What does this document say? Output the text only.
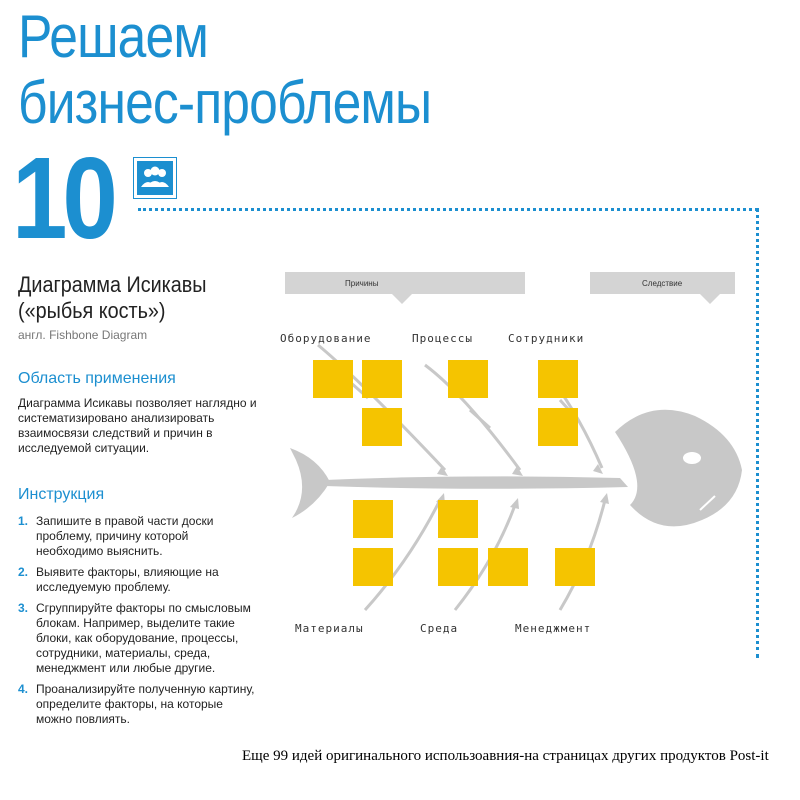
Решаем
бизнес-проблемы
10
Диаграмма Исикавы
(«рыбья кость»)
англ. Fishbone Diagram
Область применения
Диаграмма Исикавы позволяет наглядно и систематизировано анализировать взаимосвязи следствий и причин в исследуемой ситуации.
Инструкция
1. Запишите в правой части доски проблему, причину которой необходимо выяснить.
2. Выявите факторы, влияющие на исследуемую проблему.
3. Сгруппируйте факторы по смысловым блокам. Например, выделите такие блоки, как оборудование, процессы, сотрудники, материалы, среда, менеджмент или любые другие.
4. Проанализируйте полученную картину, определите факторы, на которые можно повлиять.
Причины	Следствие
Оборудование	Процессы	Сотрудники
Материалы	Среда	Менеджмент
Еще 99 идей оригинального использоавния-на страницах других продуктов Post-it
